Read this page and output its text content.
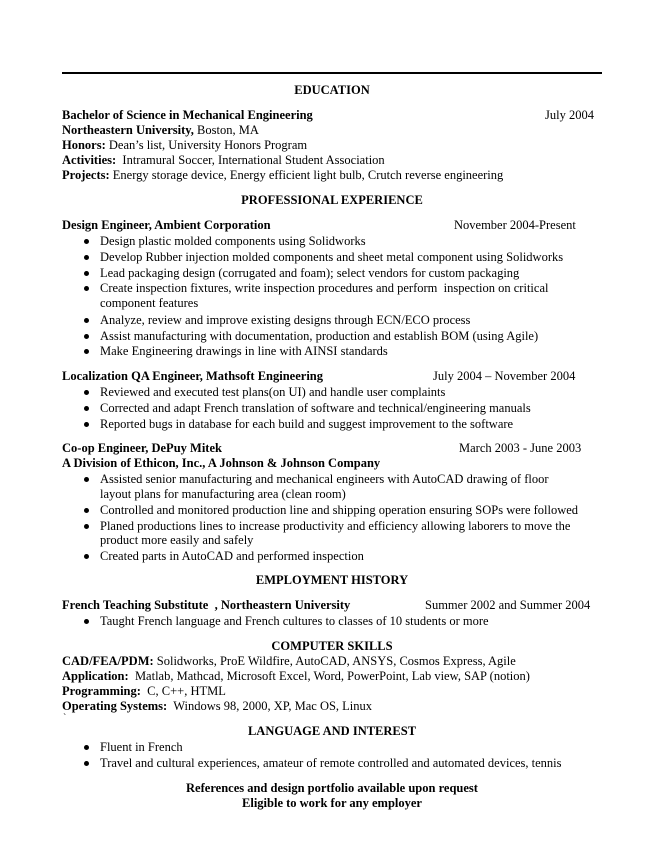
EDUCATION
Bachelor of Science in Mechanical Engineering	July 2004
Northeastern University, Boston, MA
Honors: Dean’s list, University Honors Program
Activities:  Intramural Soccer, International Student Association
Projects: Energy storage device, Energy efficient light bulb, Crutch reverse engineering
PROFESSIONAL EXPERIENCE
Design Engineer, Ambient Corporation	November 2004-Present
Design plastic molded components using Solidworks
Develop Rubber injection molded components and sheet metal component using Solidworks
Lead packaging design (corrugated and foam); select vendors for custom packaging
Create inspection fixtures, write inspection procedures and perform  inspection on critical
component features
Analyze, review and improve existing designs through ECN/ECO process
Assist manufacturing with documentation, production and establish BOM (using Agile)
Make Engineering drawings in line with AINSI standards
Localization QA Engineer, Mathsoft Engineering	July 2004 – November 2004
Reviewed and executed test plans(on UI) and handle user complaints
Corrected and adapt French translation of software and technical/engineering manuals
Reported bugs in database for each build and suggest improvement to the software
Co-op Engineer, DePuy Mitek	March 2003 - June 2003
A Division of Ethicon, Inc., A Johnson & Johnson Company
Assisted senior manufacturing and mechanical engineers with AutoCAD drawing of floor
layout plans for manufacturing area (clean room)
Controlled and monitored production line and shipping operation ensuring SOPs were followed
Planed productions lines to increase productivity and efficiency allowing laborers to move the
product more easily and safely
Created parts in AutoCAD and performed inspection
EMPLOYMENT HISTORY
French Teaching Substitute  , Northeastern University	Summer 2002 and Summer 2004
Taught French language and French cultures to classes of 10 students or more
COMPUTER SKILLS
CAD/FEA/PDM: Solidworks, ProE Wildfire, AutoCAD, ANSYS, Cosmos Express, Agile
Application:  Matlab, Mathcad, Microsoft Excel, Word, PowerPoint, Lab view, SAP (notion)
Programming:  C, C++, HTML
Operating Systems:  Windows 98, 2000, XP, Mac OS, Linux
`
LANGUAGE AND INTEREST
Fluent in French
Travel and cultural experiences, amateur of remote controlled and automated devices, tennis
References and design portfolio available upon request
Eligible to work for any employer
